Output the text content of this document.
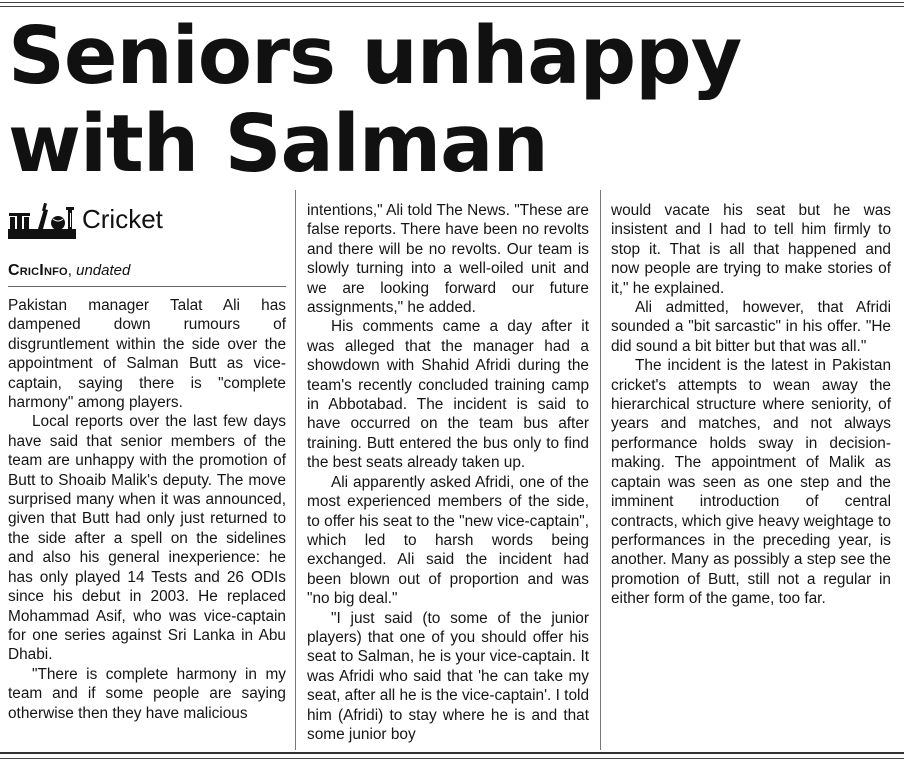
Seniors unhappy with Salman
Cricket
CricInfo, undated

Pakistan manager Talat Ali has dampened down rumours of disgruntlement within the side over the appointment of Salman Butt as vice-captain, saying there is "complete harmony" among players.

Local reports over the last few days have said that senior members of the team are unhappy with the promotion of Butt to Shoaib Malik's deputy. The move surprised many when it was announced, given that Butt had only just returned to the side after a spell on the sidelines and also his general inexperience: he has only played 14 Tests and 26 ODIs since his debut in 2003. He replaced Mohammad Asif, who was vice-captain for one series against Sri Lanka in Abu Dhabi.

"There is complete harmony in my team and if some people are saying otherwise then they have malicious

intentions," Ali told The News. "These are false reports. There have been no revolts and there will be no revolts. Our team is slowly turning into a well-oiled unit and we are looking forward our future assignments," he added.

His comments came a day after it was alleged that the manager had a showdown with Shahid Afridi during the team's recently concluded training camp in Abbotabad. The incident is said to have occurred on the team bus after training. Butt entered the bus only to find the best seats already taken up.

Ali apparently asked Afridi, one of the most experienced members of the side, to offer his seat to the "new vice-captain", which led to harsh words being exchanged. Ali said the incident had been blown out of proportion and was "no big deal."

"I just said (to some of the junior players) that one of you should offer his seat to Salman, he is your vice-captain. It was Afridi who said that 'he can take my seat, after all he is the vice-captain'. I told him (Afridi) to stay where he is and that some junior boy

would vacate his seat but he was insistent and I had to tell him firmly to stop it. That is all that happened and now people are trying to make stories of it," he explained.

Ali admitted, however, that Afridi sounded a "bit sarcastic" in his offer. "He did sound a bit bitter but that was all."

The incident is the latest in Pakistan cricket's attempts to wean away the hierarchical structure where seniority, of years and matches, and not always performance holds sway in decision-making. The appointment of Malik as captain was seen as one step and the imminent introduction of central contracts, which give heavy weightage to performances in the preceding year, is another. Many as possibly a step see the promotion of Butt, still not a regular in either form of the game, too far.
